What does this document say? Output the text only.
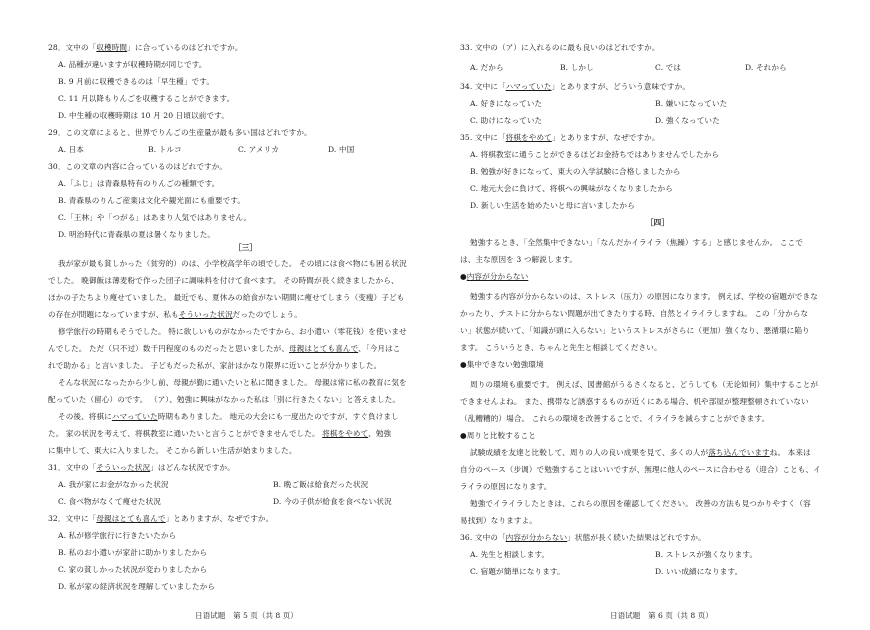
28．文中の「収穫時間」に合っているのはどれですか。
A. 品種が違いますが収穫時期が同じです。
B. 9 月前に収穫できるのは「早生種」です。
C. 11 月以降もりんごを収穫することができます。
D. 中生種の収穫時期は 10 月 20 日頃以前です。
29．この文章によると、世界でりんごの生産量が最も多い国はどれですか。
A. 日本	B. トルコ	C. アメリカ	D. 中国
30．この文章の内容に合っているのはどれですか。
A.「ふじ」は青森県特有のりんごの種類です。
B. 青森県のりんご産業は文化や観光面にも重要です。
C.「王林」や「つがる」はあまり人気ではありません。
D. 明治時代に青森県の夏は暑くなりました。
［三］
我が家が最も貧しかった（贫穷的）のは、小学校高学年の頃でした。 その頃には食べ物にも困る状況
でした。 晩御飯は薄麦粉で作った団子に調味料を付けて食べます。 その時間が長く続きましたから、
ほかの子たちより痩せていました。 最近でも、夏休みの給食がない期間に痩せてしまう（变瘦）子ども
の存在が問題になっていますが、私もそういった状況だったのでしょう。
修学旅行の時期もそうでした。 特に欲しいものがなかったですから、お小遣い（零花钱）を使いませ
んでした。 ただ（只不过）数千円程度のものだったと思いましたが、母親はとても喜んで、「今月はこ
れで助かる」と言いました。 子どもだった私が、家計はかなり限界に近いことが分かりました。
そんな状況になったから少し前、母親が勤に通いたいと私に聞きました。 母親は常に私の教育に気を
配っていた（留心）のです。 （ア）、勉強に興味がなかった私は「別に行きたくない」と答えました。
その後、将棋にハマっていた時期もありました。 地元の大会にも一度出たのですが、すぐ負けまし
た。 家の状況を考えて、将棋教室に通いたいと言うことができませんでした。 将棋をやめて、勉強
に集中して、東大に入りました。 そこから新しい生活が始まりました。
31．文中の「そういった状況」はどんな状況ですか。
A. 我が家にお金がなかった状況	B. 晩ご飯は給食だった状況
C. 食べ物がなくて痩せた状況	D. 今の子供が給食を食べない状況
32．文中に「母親はとても喜んで」とありますが、なぜですか。
A. 私が修学旅行に行きたいたから
B. 私のお小遣いが家計に助かりましたから
C. 家の貧しかった状況が変わりましたから
D. 私が家の経済状況を理解していましたから
33. 文中の（ア）に入れるのに最も良いのはどれですか。
A. だから	B. しかし	C. では	D. それから
34. 文中に「ハマっていた」とありますが、どういう意味ですか。
A. 好きになっていた	B. 嫌いになっていた
C. 助けになっていた	D. 強くなっていた
35. 文中に「将棋をやめて」とありますが、なぜですか。
A. 将棋教室に通うことができるほどお金持ちではありませんでしたから
B. 勉強が好きになって、東大の入学試験に合格しましたから
C. 地元大会に負けて、将棋への興味がなくなりましたから
D. 新しい生活を始めたいと母に言いましたから
［四］
勉強するとき、「全然集中できない」「なんだかイライラ（焦躁）する」と感じませんか。 ここで
は、主な原因を 3 つ解説します。
●内容が分からない
勉強する内容が分からないのは、ストレス（压力）の原因になります。 例えば、学校の宿題ができな
かったり、テストに分からない問題が出てきたりする時、自然とイライラしますね。 この「分からな
い」状態が続いて、「知識が頭に入らない」というストレスがさらに（更加）強くなり、悪循環に陥り
ます。 こういうとき、ちゃんと先生と相談してください。
●集中できない勉強環境
周りの環境も重要です。 例えば、図書館がうるさくなると、どうしても（无论如何）集中することが
できませんよね。 また、携帯など誘惑するものが近くにある場合、机や部屋が整理整頓されていない
（乱糟糟的）場合。 これらの環境を改善することで、イライラを減らすことができます。
●周りと比較すること
試験成績を友達と比較して、周りの人の良い成果を見て、多くの人が落ち込んでいますね。 本来は
自分のペース（步调）で勉強することはいいですが、無理に他人のペースに合わせる（迎合）ことも、イ
ライラの原因になります。
勉強でイライラしたときは、これらの原因を確認してください。 改善の方法も見つかりやすく（容
易找到）なりますよ。
36. 文中の「内容が分からない」状態が長く続いた結果はどれですか。
A. 先生と相談します。	B. ストレスが強くなります。
C. 宿題が簡単になります。	D. いい成績になります。
日语试题　第 5 页（共 8 页）	日语试题　第 6 页（共 8 页）
